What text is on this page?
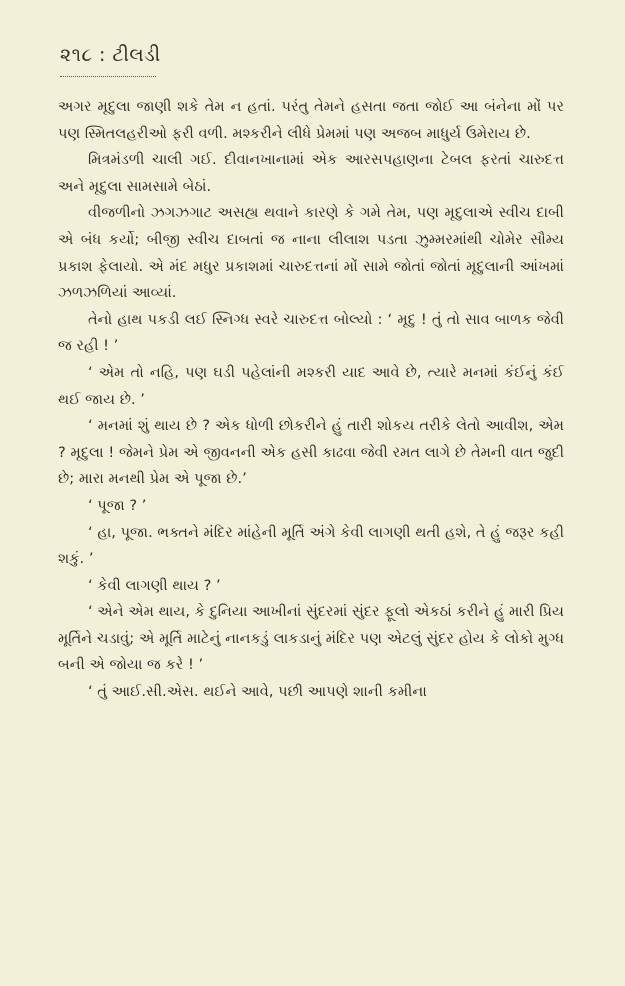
૨૧૮ : ટીલડી

અગર મૃદુલા જાણી શકે તેમ ન હતાં. પરંતુ તેમને હસતા જતા જોઈ આ બંનેના મોં પર પણ સ્મિતલહરીઓ ફરી વળી. મશ્કરીને લીધે પ્રેમમાં પણ અજબ માધુર્ય ઉમેરાય છે.

મિત્રમંડળી ચાલી ગઈ. દીવાનખાનામાં એક આરસપહાણના ટેબલ ફરતાં ચારુદત્ત અને મૃદુલા સામસામે બેઠાં.

વીજળીનો ઝગઝગાટ અસહ્ય થવાને કારણે કે ગમે તેમ, પણ મૃદુલાએ સ્વીચ દાબી એ બંધ કર્યો; બીજી સ્વીચ દાબતાં જ નાના લીલાશ પડતા ઝુમ્મરમાંથી ચોમેર સૌમ્ય પ્રકાશ ફેલાયો. એ મંદ મધુર પ્રકાશમાં ચારુદત્તનાં મોં સામે જોતાં જોતાં મૃદુલાની આંખમાં ઝળઝળિયાં આવ્યાં.

તેનો હાથ પકડી લઈ સ્નિગ્ધ સ્વરે ચારુદત્ત બોલ્યો : ‘ મૃદુ ! તું તો સાવ બાળક જેવી જ રહી ! ’

‘ એમ તો નહિ, પણ ઘડી પહેલાંની મશ્કરી યાદ આવે છે, ત્યારે મનમાં કંઈનું કંઈ થઈ જાય છે. ’

‘ મનમાં શું થાય છે ? એક ધોળી છોકરીને હું તારી શોકય તરીકે લેતો આવીશ, એમ ? મૃદુલા ! જેમને પ્રેમ એ જીવનની એક હસી કાઢવા જેવી રમત લાગે છે તેમની વાત જુદી છે; મારા મનથી પ્રેમ એ પૂજા છે.’

‘ પૂજા ? ’

‘ હા, પૂજા. ભક્તને મંદિર માંહેની મૂર્તિ અંગે કેવી લાગણી થતી હશે, તે હું જરૂર કહી શકું. ’

‘ કેવી લાગણી થાય ? ’

‘ એને એમ થાય, કે દુનિયા આખીનાં સુંદરમાં સુંદર ફૂલો એકઠાં કરીને હું મારી પ્રિય મૂર્તિને ચડાવું; એ મૂર્તિ માટેનું નાનકડું લાકડાનું મંદિર પણ એટલું સુંદર હોય કે લોકો મુગ્ધ બની એ જોયા જ કરે ! ’

‘ તું આઈ.સી.એસ. થઈને આવે, પછી આપણે શાની કમીના
